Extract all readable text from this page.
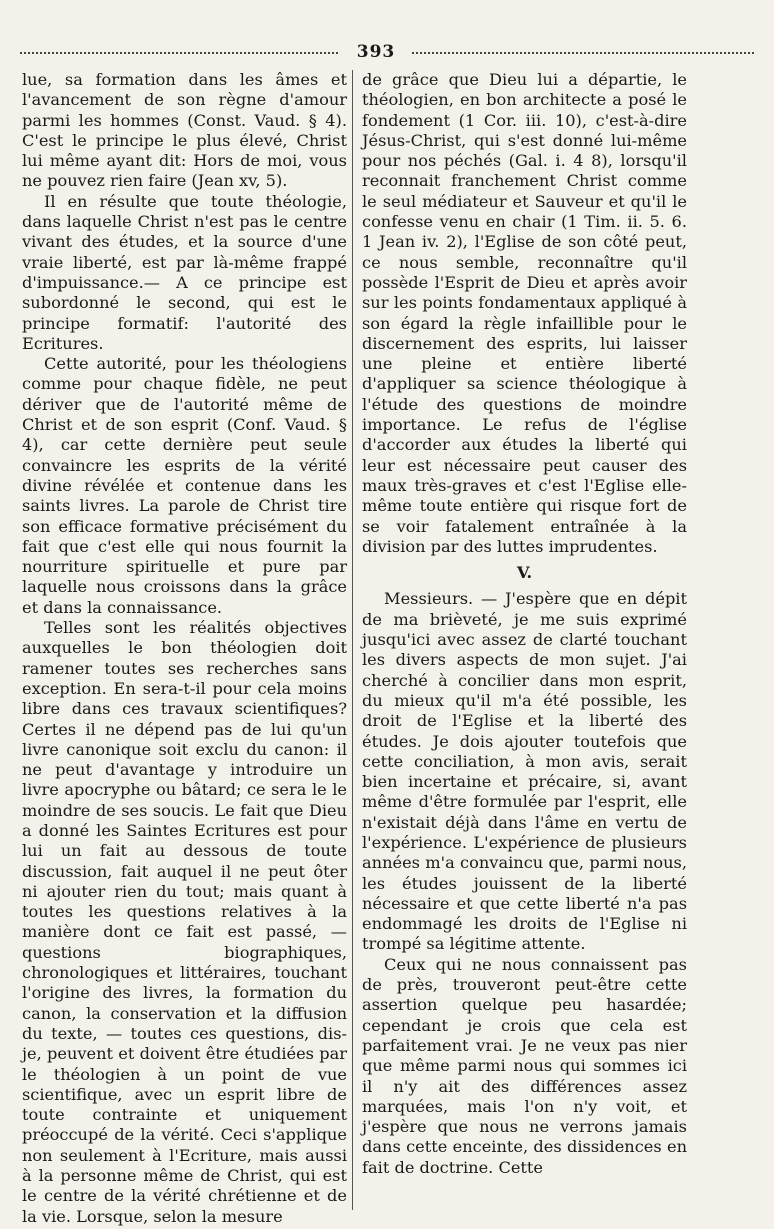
393

lue, sa formation dans les âmes et l'avancement de son règne d'amour parmi les hommes (Const. Vaud. § 4). C'est le principe le plus élevé, Christ lui même ayant dit: Hors de moi, vous ne pouvez rien faire (Jean xv, 5).

Il en résulte que toute théologie, dans laquelle Christ n'est pas le centre vivant des études, et la source d'une vraie liberté, est par là-même frappé d'impuissance.— A ce principe est subordonné le second, qui est le principe formatif: l'autorité des Ecritures.

Cette autorité, pour les théologiens comme pour chaque fidèle, ne peut dériver que de l'autorité même de Christ et de son esprit (Conf. Vaud. § 4), car cette dernière peut seule convaincre les esprits de la vérité divine révélée et contenue dans les saints livres. La parole de Christ tire son efficace formative précisément du fait que c'est elle qui nous fournit la nourriture spirituelle et pure par laquelle nous croissons dans la grâce et dans la connaissance.

Telles sont les réalités objectives auxquelles le bon théologien doit ramener toutes ses recherches sans exception. En sera-t-il pour cela moins libre dans ces travaux scientifiques? Certes il ne dépend pas de lui qu'un livre canonique soit exclu du canon: il ne peut d'avantage y introduire un livre apocryphe ou bâtard; ce sera le le moindre de ses soucis. Le fait que Dieu a donné les Saintes Ecritures est pour lui un fait au dessous de toute discussion, fait auquel il ne peut ôter ni ajouter rien du tout; mais quant à toutes les questions relatives à la manière dont ce fait est passé, — questions biographiques, chronologiques et littéraires, touchant l'origine des livres, la formation du canon, la conservation et la diffusion du texte, — toutes ces questions, dis-je, peuvent et doivent être étudiées par le théologien à un point de vue scientifique, avec un esprit libre de toute contrainte et uniquement préoccupé de la vérité. Ceci s'applique non seulement à l'Ecriture, mais aussi à la personne même de Christ, qui est le centre de la vérité chrétienne et de la vie. Lorsque, selon la mesure

de grâce que Dieu lui a départie, le théologien, en bon architecte a posé le fondement (1 Cor. iii. 10), c'est-à-dire Jésus-Christ, qui s'est donné lui-même pour nos péchés (Gal. i. 4 8), lorsqu'il reconnait franchement Christ comme le seul médiateur et Sauveur et qu'il le confesse venu en chair (1 Tim. ii. 5. 6. 1 Jean iv. 2), l'Eglise de son côté peut, ce nous semble, reconnaître qu'il possède l'Esprit de Dieu et après avoir sur les points fondamentaux appliqué à son égard la règle infaillible pour le discernement des esprits, lui laisser une pleine et entière liberté d'appliquer sa science théologique à l'étude des questions de moindre importance. Le refus de l'église d'accorder aux études la liberté qui leur est nécessaire peut causer des maux très-graves et c'est l'Eglise elle-même toute entière qui risque fort de se voir fatalement entraînée à la division par des luttes imprudentes.

V.

Messieurs. — J'espère que en dépit de ma brièveté, je me suis exprimé jusqu'ici avec assez de clarté touchant les divers aspects de mon sujet. J'ai cherché à concilier dans mon esprit, du mieux qu'il m'a été possible, les droit de l'Eglise et la liberté des études. Je dois ajouter toutefois que cette conciliation, à mon avis, serait bien incertaine et précaire, si, avant même d'être formulée par l'esprit, elle n'existait déjà dans l'âme en vertu de l'expérience. L'expérience de plusieurs années m'a convaincu que, parmi nous, les études jouissent de la liberté nécessaire et que cette liberté n'a pas endommagé les droits de l'Eglise ni trompé sa légitime attente.

Ceux qui ne nous connaissent pas de près, trouveront peut-être cette assertion quelque peu hasardée; cependant je crois que cela est parfaitement vrai. Je ne veux pas nier que même parmi nous qui sommes ici il n'y ait des différences assez marquées, mais l'on n'y voit, et j'espère que nous ne verrons jamais dans cette enceinte, des dissidences en fait de doctrine. Cette
